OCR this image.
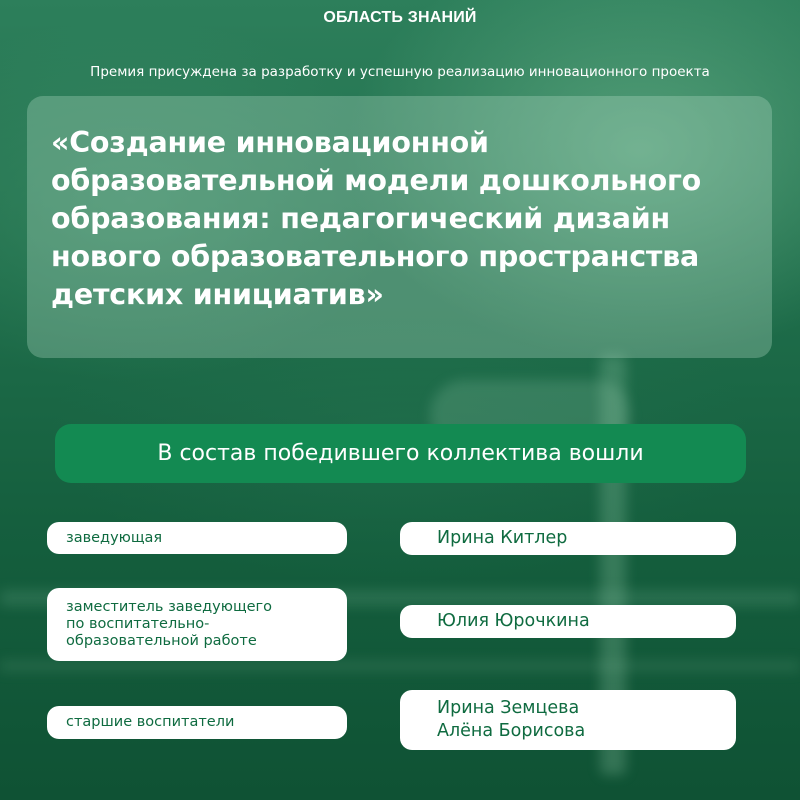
ОБЛАСТЬ ЗНАНИЙ
Премия присуждена за разработку и успешную реализацию инновационного проекта

«Создание инновационной образовательной модели дошкольного образования: педагогический дизайн нового образовательного пространства детских инициатив»

В состав победившего коллектива вошли
заведующая	Ирина Китлер
заместитель заведующего
по воспитательно-
образовательной работе
Юлия Юрочкина
старшие воспитатели
Ирина Земцева
Алёна Борисова
